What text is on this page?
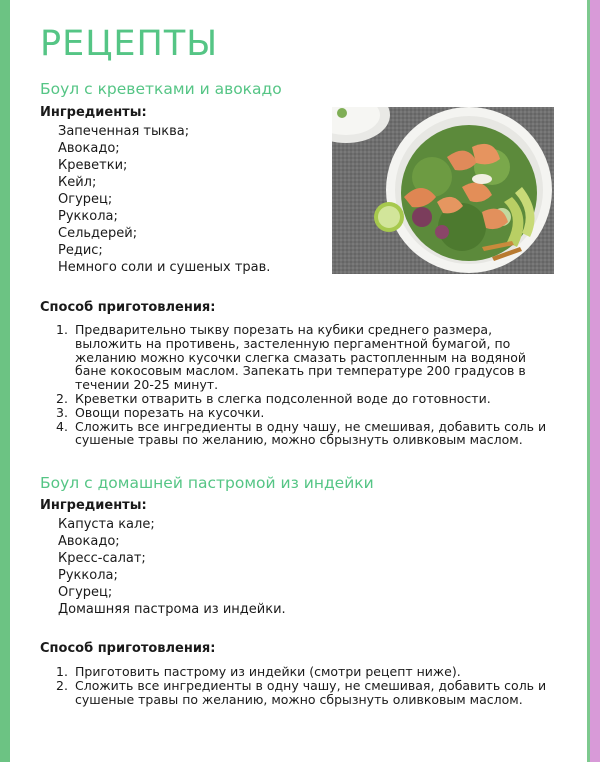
РЕЦЕПТЫ
Боул с креветками и авокадо
Ингредиенты:
Запеченная тыква;
Авокадо;
Креветки;
Кейл;
Огурец;
Руккола;
Сельдерей;
Редис;
Немного соли и сушеных трав.
Способ приготовления:
1. Предварительно тыкву порезать на кубики среднего размера,
выложить на противень, застеленную пергаментной бумагой, по
желанию можно кусочки слегка смазать растопленным на водяной
бане кокосовым маслом. Запекать при температуре 200 градусов в
течении 20-25 минут.
2. Креветки отварить в слегка подсоленной воде до готовности.
3. Овощи порезать на кусочки.
4. Сложить все ингредиенты в одну чашу, не смешивая, добавить соль и
сушеные травы по желанию, можно сбрызнуть оливковым маслом.
Боул с домашней пастромой из индейки
Ингредиенты:
Капуста кале;
Авокадо;
Кресс-салат;
Руккола;
Огурец;
Домашняя пастрома из индейки.
Способ приготовления:
1. Приготовить пастрому из индейки (смотри рецепт ниже).
2. Сложить все ингредиенты в одну чашу, не смешивая, добавить соль и
сушеные травы по желанию, можно сбрызнуть оливковым маслом.
